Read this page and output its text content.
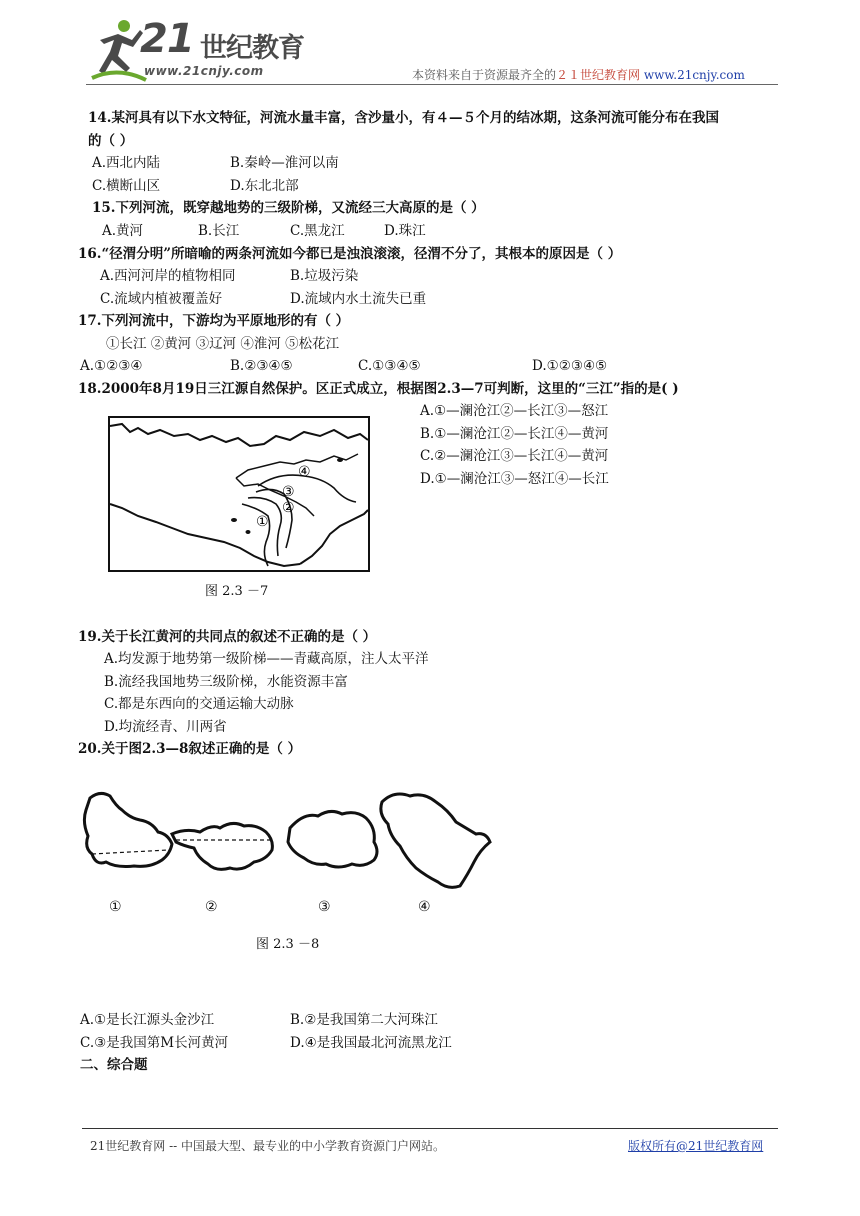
21 世纪教育
www.21cnjy.com	本资料来自于资源最齐全的２１世纪教育网 www.21cnjy.com
14.某河具有以下水文特征，河流水量丰富，含沙量小，有４—５个月的结冰期，这条河流可能分布在我国
的（ ）
A.西北内陆	B.秦岭—淮河以南
C.横断山区	D.东北北部
15.下列河流，既穿越地势的三级阶梯，又流经三大高原的是（ ）
A.黄河	B.长江	C.黑龙江	D.珠江
16.“径渭分明”所暗喻的两条河流如今都已是浊浪滚滚，径渭不分了，其根本的原因是（ ）
A.西河河岸的植物相同	B.垃圾污染
C.流域内植被覆盖好	D.流域内水土流失已重
17.下列河流中，下游均为平原地形的有（ ）
①长江 ②黄河 ③辽河 ④淮河 ⑤松花江
A.①②③④	B.②③④⑤	C.①③④⑤	D.①②③④⑤
18.2000年8月19日三江源自然保护。区正式成立，根据图2.3—7可判断，这里的“三江”指的是( )
A.①—澜沧江②—长江③—怒江
B.①—澜沧江②—长江④—黄河
C.②—澜沧江③—长江④—黄河
D.①—澜沧江③—怒江④—长江
④
③
②
①
图 2.3 －7
19.关于长江黄河的共同点的叙述不正确的是（ ）
A.均发源于地势第一级阶梯——青藏高原，注人太平洋
B.流经我国地势三级阶梯，水能资源丰富
C.都是东西向的交通运输大动脉
D.均流经青、川两省
20.关于图2.3—8叙述正确的是（ ）
①	②	③	④
图 2.3 －8
A.①是长江源头金沙江	B.②是我国第二大河珠江
C.③是我国第M长河黄河	D.④是我国最北河流黑龙江
二、综合题
21世纪教育网 -- 中国最大型、最专业的中小学教育资源门户网站。	版权所有@21世纪教育网
